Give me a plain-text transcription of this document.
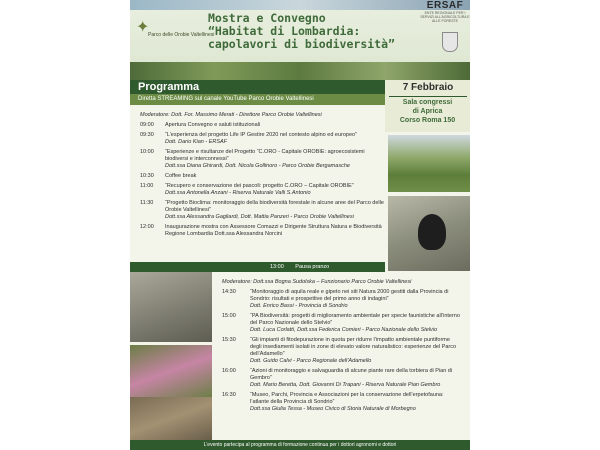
✦
Parco delle Orobie Valtellinesi
Mostra e Convegno
“Habitat di Lombardia:
capolavori di biodiversità”
ERSAF
ENTE REGIONALE PER I SERVIZI ALL'AGRICOLTURA E ALLE FORESTE
Programma
Diretta STREAMING sul canale YouTube Parco Orobie Valtellinesi
7 Febbraio
Sala congressi
di Aprica
Corso Roma 150
Moderatore: Dott. For. Massimo Merati - Direttore Parco Orobie Valtellinesi
09:00	Apertura Convegno e saluti istituzionali
09:30	“L’esperienza del progetto Life IP Gestire 2020 nel contesto alpino ed europeo”
Dott. Dario Kian - ERSAF
10:00	“Esperienze e risultanze del Progetto “C.ORO - Capitale OROBIE: agroecosistemi biodiversi e interconnessi”
Dott.ssa Diana Ghirardi, Dott. Nicola Gollinoro - Parco Orobie Bergamasche
10:30	Coffee break
11:00	“Recupero e conservazione dei pascoli: progetto C.ORO – Capitale OROBIE”
Dott.ssa Antonella Anzani - Riserva Naturale Valli S.Antonio
11:30	“Progetto Bioclima: monitoraggio della biodiversità forestale in alcune aree del Parco delle Orobie Valtellinesi”
Dott.ssa Alessandra Gagliardi, Dott. Mattia Panzeri - Parco Orobie Valtellinesi
12:00	Inaugurazione mostra con Assessore Comazzi e Dirigente Struttura Natura e Biodiversità Regione Lombardia Dott.ssa Alessandra Norcini
13:00 Pausa pranzo
Moderatore: Dott.ssa Bogna Sudolska – Funzionario Parco Orobie Valtellinesi
14:30	“Monitoraggio di aquila reale e gipeto nei siti Natura 2000 gestiti dalla Provincia di Sondrio: risultati e prospettive del primo anno di indagini”
Dott. Enrico Bassi - Provincia di Sondrio
15:00	“PA Biodiversità: progetti di miglioramento ambientale per specie faunistiche all’interno del Parco Nazionale dello Stelvio”
Dott. Luca Corlatti, Dott.ssa Federica Comieri - Parco Nazionale dello Stelvio
15:30	“Gli impianti di fitodepurazione in quota per ridurre l’impatto ambientale puntiforme degli insediamenti isolati in zone di elevato valore naturalistico: esperienze del Parco dell’Adamello”
Dott. Guido Calvi - Parco Regionale dell’Adamello
16:00	“Azioni di monitoraggio e salvaguardia di alcune piante rare della torbiera di Pian di Gembro”
Dott. Mario Beretta, Dott. Giovanni Di Trapani - Riserva Naturale Pian Gembro
16:30	“Museo, Parchi, Provincia e Associazioni per la conservazione dell’erpetofauna: l’atlante della Provincia di Sondrio”
Dott.ssa Giulia Tessa - Museo Civico di Storia Naturale di Morbegno
L’evento partecipa al programma di formazione continua per i dottori agronomi e dottori
